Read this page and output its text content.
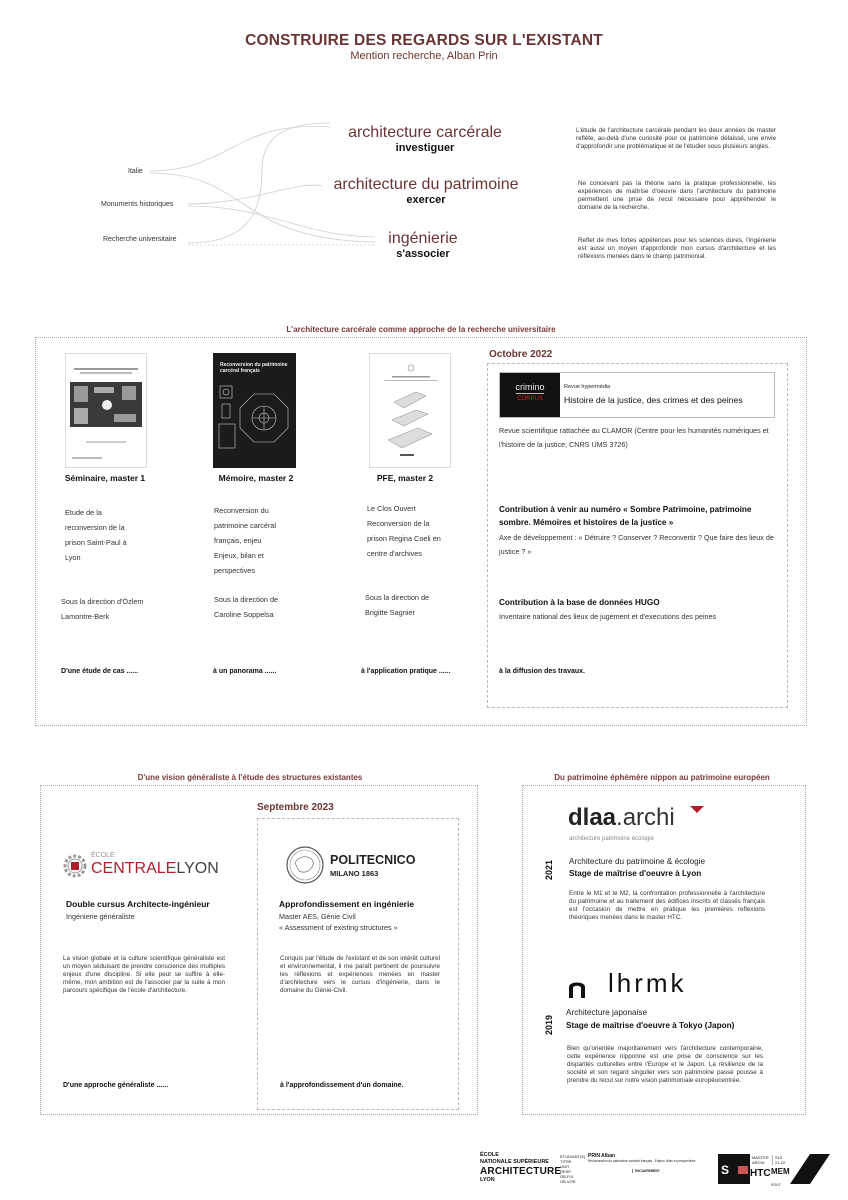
CONSTRUIRE DES REGARDS SUR L'EXISTANT
Mention recherche, Alban Prin
Italie
Monuments historiques
Recherche universitaire
architecture carcérale
investiguer
architecture du patrimoine
exercer
ingénierie
s'associer
L'étude de l'architecture carcérale pendant les deux années de master reflète, au-delà d'une curiosité pour ce patrimoine délaissé, une envie d'approfondir une problématique et de l'étudier sous plusieurs angles.
Ne concevant pas la théorie sans la pratique professionnelle, les expériences de maîtrise d'oeuvre dans l'architecture du patrimoine permettent une prise de recul nécessaire pour appréhender le domaine de la recherche.
Reflet de mes fortes appétences pour les sciences dures, l'ingénierie est aussi un moyen d'approfondir mon cursus d'architecture et les réflexions menées dans le champ patrimonial.
L'architecture carcérale comme approche de la recherche universitaire
Reconversion du patrimoine carcéral français
Séminaire, master 1	Mémoire, master 2	PFE, master 2
Etude de la
reconversion de la
prison Saint-Paul à
Lyon
Reconversion du
patrimoine carcéral
français, enjeu
Enjeux, bilan et
perspectives
Le Clos Ouvert
Reconversion de la
prison Regina Coeli en
centre d'archives
Sous la direction d'Özlem
Lamontre-Berk
Sous la direction de
Caroline Soppelsa
Sous la direction de
Brigitte Sagnier
D'une étude de cas ......	à un panorama ......	à l'application pratique ......
Octobre 2022
crimino
CORPUS
Revue hypermédia
Histoire de la justice, des crimes et des peines
Revue scientifique rattachée au CLAMOR (Centre pour les humanités numériques et l'histoire de la justice, CNRS UMS 3726)
Contribution à venir au numéro « Sombre Patrimoine, patrimoine sombre. Mémoires et histoires de la justice »
Axe de développement : « Détruire ? Conserver ? Reconvertir ? Que faire des lieux de justice ? »
Contribution à la base de données HUGO
Inventaire national des lieux de jugement et d'executions des peines
à la diffusion des travaux.
D'une vision généraliste à l'étude des structures existantes
ÉCOLE
CENTRALELYON
Double cursus Architecte-ingénieur
Ingénierie généraliste
La vision globale et la culture scientifique généraliste est un moyen séduisant de prendre conscience des multiples enjeux d'une discipline. Si elle peut se suffire à elle-même, mon ambition est de l'associer par la suite à mon parcours spécifique de l'école d'architecture.
D'une approche généraliste ......
Septembre 2023
POLITECNICO
MILANO 1863
Approfondissement en ingénierie
Master AES, Génie Civil
« Assessment of existing structures »
Conquis par l'étude de l'existant et de son intérêt culturel et environnemental, il me paraît pertinent de poursuivre les réflexions et expériences menées en master d'architecture vers le cursus d'ingénierie, dans le domaine du Génie-Civil.
à l'approfondissement d'un domaine.
Du patrimoine éphémère nippon au patrimoine européen
dlaa.archi
architecture patrimoine écologie
2021 Architecture du patrimoine & écologie
Stage de maîtrise d'oeuvre à Lyon
Entre le M1 et le M2, la confrontation professionnelle à l'architecture du patrimoine et au traitement des édifices inscrits et classés français est l'occasion de mettre en pratique les premières reflexions théoriques menées dans le master HTC.
lhrmk
2019
Architecture japonaise
Stage de maîtrise d'oeuvre à Tokyo (Japon)
Bien qu'orientée majoritairement vers l'architecture contemporaine, cette expérience nipponne est une prise de conscience sur les disparités culturelles entre l'Europe et le Japon. La résilience de la société et son regard singulier vers son patrimoine passé pousse à prendre du recul sur notre vision patrimoniale européocentrée.
ÉCOLE
NATIONALE SUPÉRIEURE
ARCHITECTURE
LYON
ÉTUDIANT(E)
TITRE
UNIT.
RESP.
OB.FIX.
OB.VOR.
PRIN Alban
Reconversion du patrimoine carcéral français - Enjeux, bilan et perspectives
ENCADREMENT	S
MASTER
ARCHI
S10
21-22
HTC MEM
SOUT
